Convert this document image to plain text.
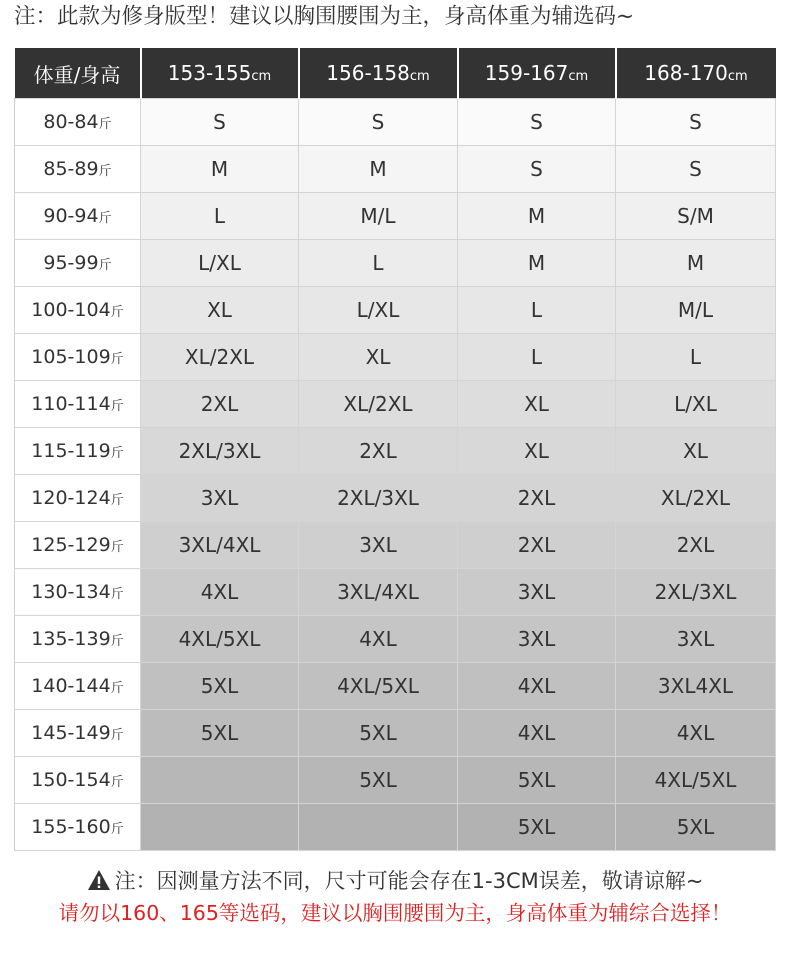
注：此款为修身版型！建议以胸围腰围为主，身高体重为辅选码~
体重/身高	153-155cm	156-158cm	159-167cm	168-170cm
80-84斤	S	S	S	S
85-89斤	M	M	S	S
90-94斤	L	M/L	M	S/M
95-99斤	L/XL	L	M	M
100-104斤	XL	L/XL	L	M/L
105-109斤	XL/2XL	XL	L	L
110-114斤	2XL	XL/2XL	XL	L/XL
115-119斤	2XL/3XL	2XL	XL	XL
120-124斤	3XL	2XL/3XL	2XL	XL/2XL
125-129斤	3XL/4XL	3XL	2XL	2XL
130-134斤	4XL	3XL/4XL	3XL	2XL/3XL
135-139斤	4XL/5XL	4XL	3XL	3XL
140-144斤	5XL	4XL/5XL	4XL	3XL4XL
145-149斤	5XL	5XL	4XL	4XL
150-154斤		5XL	5XL	4XL/5XL
155-160斤			5XL	5XL
注：因测量方法不同，尺寸可能会存在1-3CM误差，敬请谅解~
请勿以160、165等选码，建议以胸围腰围为主，身高体重为辅综合选择！
